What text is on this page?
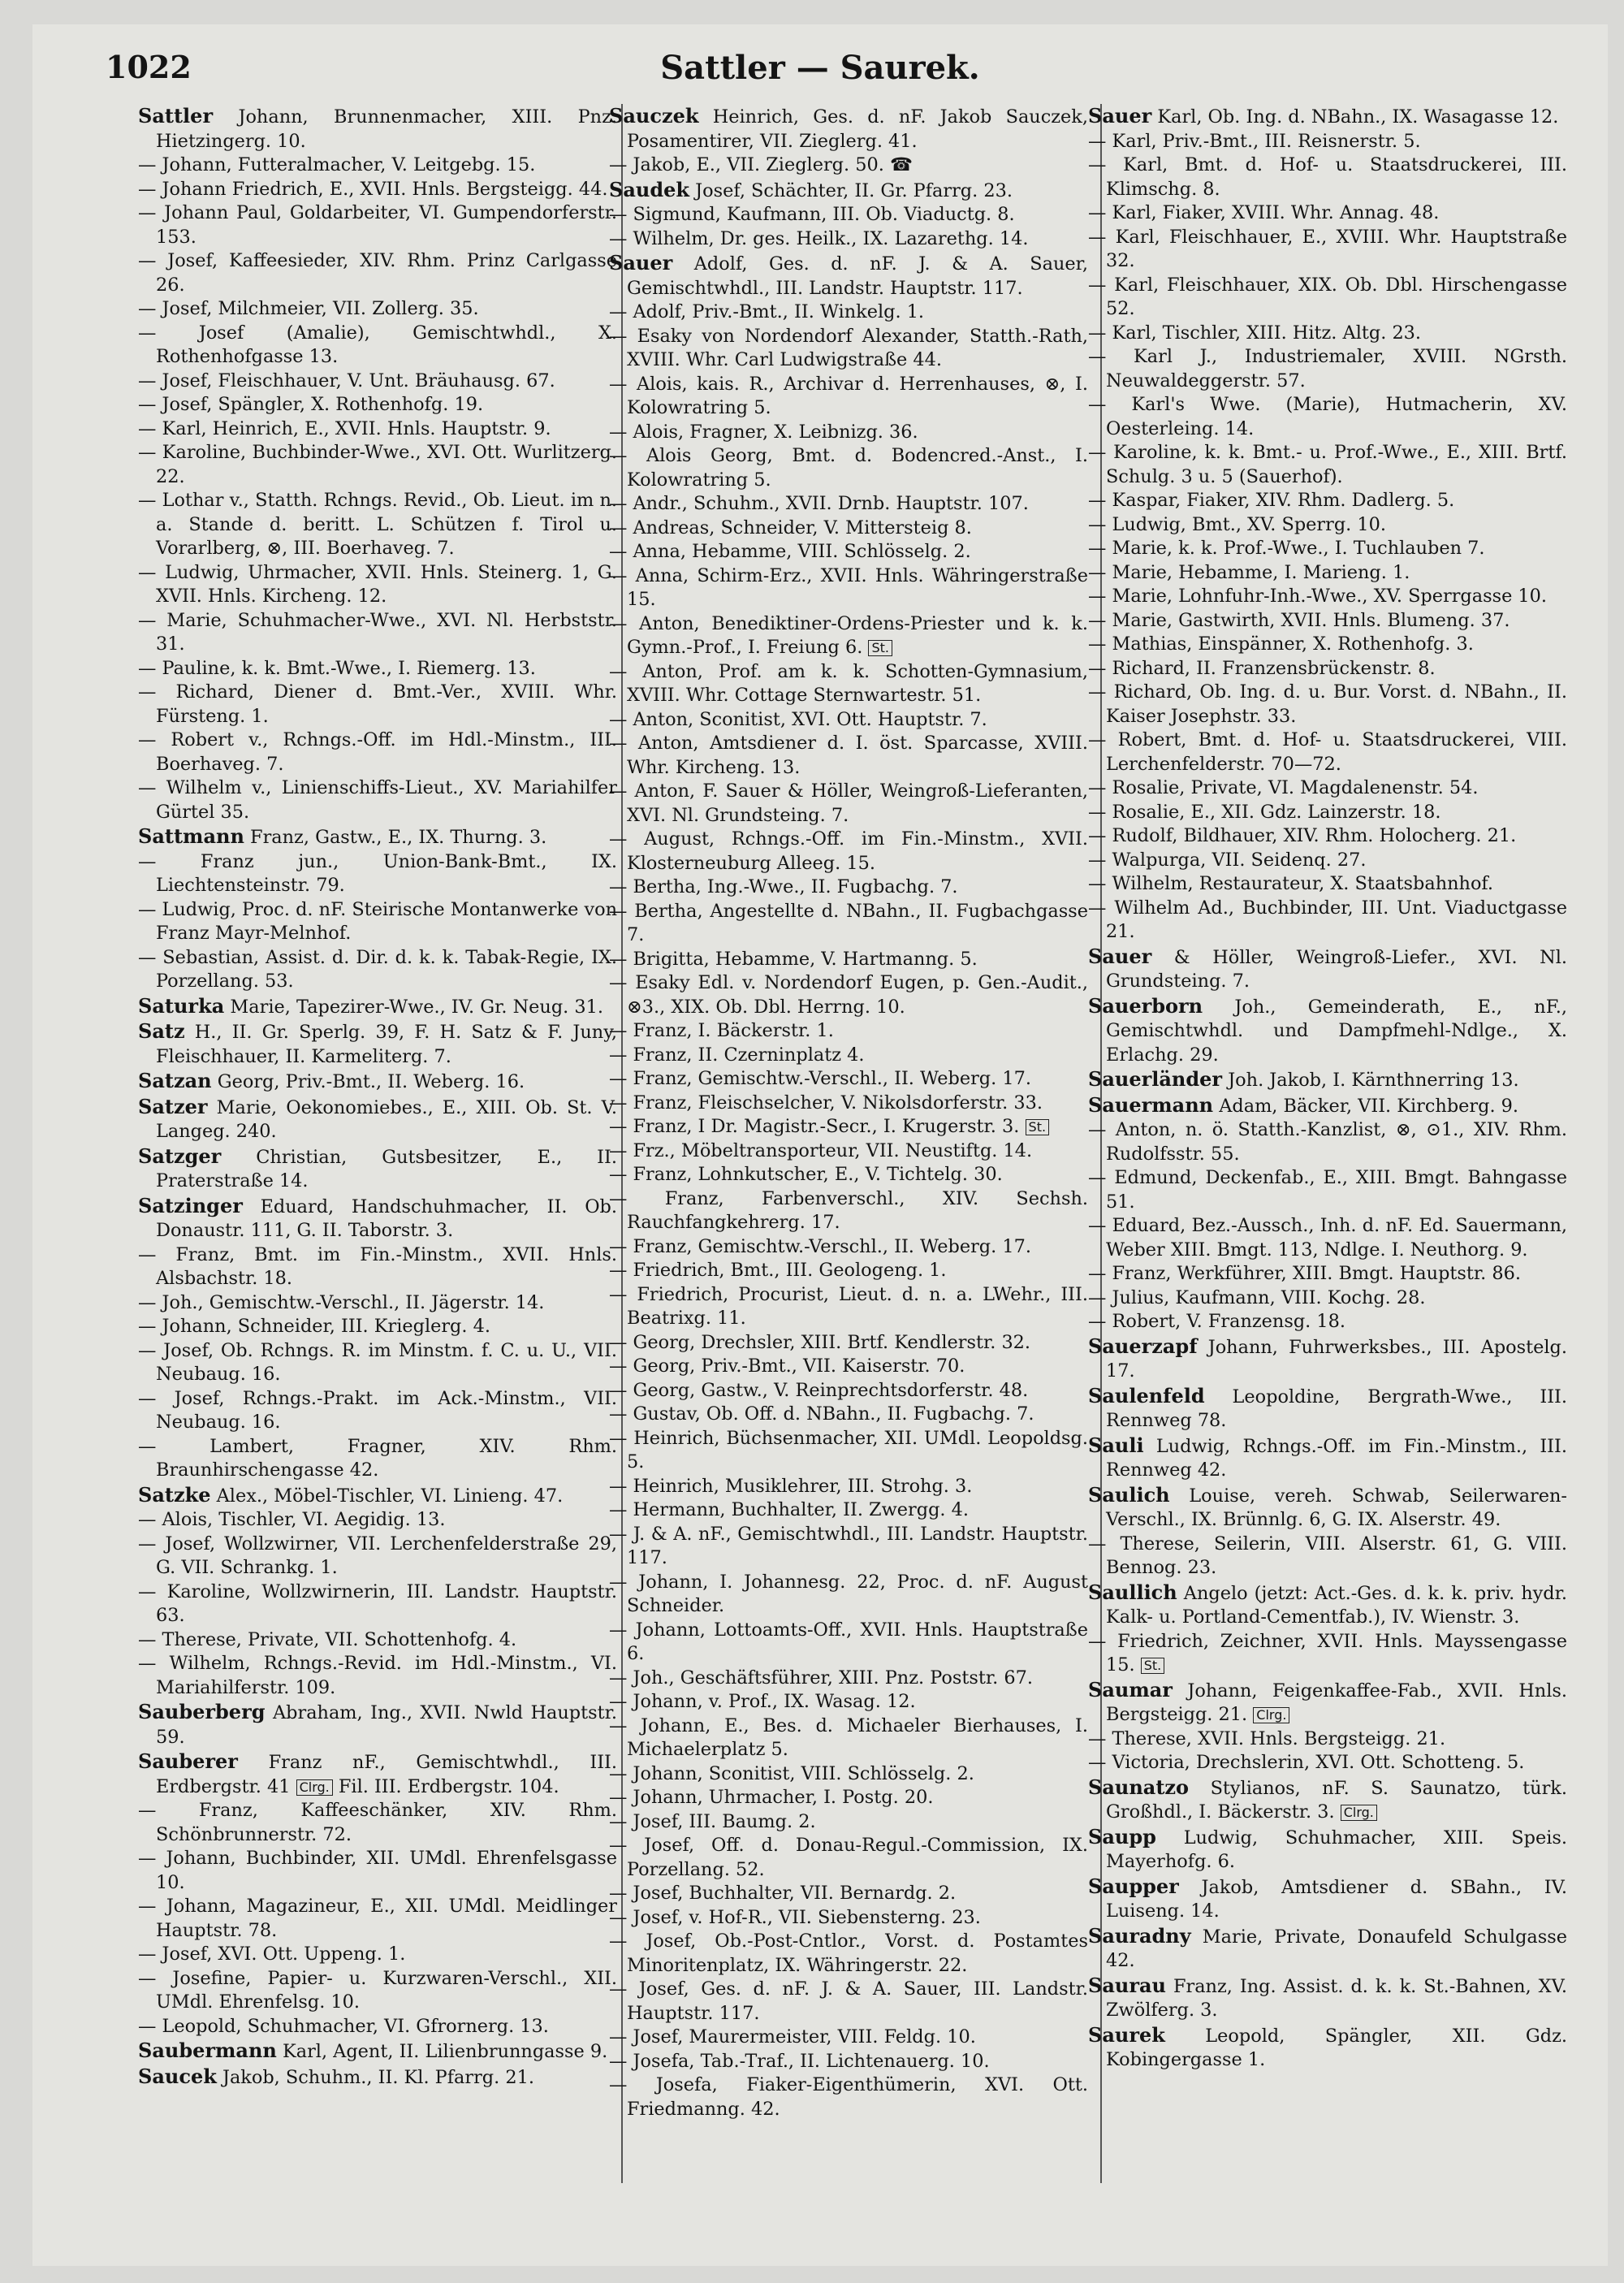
Sattler — Saurek.
1022
Sattler Johann, Brunnenmacher, XIII. Pnz. Hietzingerg. 10.
— Johann, Futteralmacher, V. Leitgebg. 15.
— Johann Friedrich, E., XVII. Hnls. Bergsteigg. 44.
— Johann Paul, Goldarbeiter, VI. Gumpendorferstr. 153.
— Josef, Kaffeesieder, XIV. Rhm. Prinz Carlgasse 26.
— Josef, Milchmeier, VII. Zollerg. 35.
— Josef (Amalie), Gemischtwhdl., X. Rothenhofgasse 13.
— Josef, Fleischhauer, V. Unt. Bräuhausg. 67.
— Josef, Spängler, X. Rothenhofg. 19.
— Karl, Heinrich, E., XVII. Hnls. Hauptstr. 9.
— Karoline, Buchbinder-Wwe., XVI. Ott. Wurlitzerg. 22.
— Lothar v., Statth. Rchngs. Revid., Ob. Lieut. im n. a. Stande d. beritt. L. Schützen f. Tirol u. Vorarlberg, ⊗, III. Boerhaveg. 7.
— Ludwig, Uhrmacher, XVII. Hnls. Steinerg. 1, G. XVII. Hnls. Kircheng. 12.
— Marie, Schuhmacher-Wwe., XVI. Nl. Herbststr. 31.
— Pauline, k. k. Bmt.-Wwe., I. Riemerg. 13.
— Richard, Diener d. Bmt.-Ver., XVIII. Whr. Fürsteng. 1.
— Robert v., Rchngs.-Off. im Hdl.-Minstm., III. Boerhaveg. 7.
— Wilhelm v., Linienschiffs-Lieut., XV. Mariahilfer Gürtel 35.
Sattmann Franz, Gastw., E., IX. Thurng. 3.
— Franz jun., Union-Bank-Bmt., IX. Liechtensteinstr. 79.
— Ludwig, Proc. d. nF. Steirische Montanwerke von Franz Mayr-Melnhof.
— Sebastian, Assist. d. Dir. d. k. k. Tabak-Regie, IX. Porzellang. 53.
Saturka Marie, Tapezirer-Wwe., IV. Gr. Neug. 31.
Satz H., II. Gr. Sperlg. 39, F. H. Satz & F. Juny, Fleischhauer, II. Karmeliterg. 7.
Satzan Georg, Priv.-Bmt., II. Weberg. 16.
Satzer Marie, Oekonomiebes., E., XIII. Ob. St. V. Langeg. 240.
Satzger Christian, Gutsbesitzer, E., II. Praterstraße 14.
Satzinger Eduard, Handschuhmacher, II. Ob. Donaustr. 111, G. II. Taborstr. 3.
— Franz, Bmt. im Fin.-Minstm., XVII. Hnls. Alsbachstr. 18.
— Joh., Gemischtw.-Verschl., II. Jägerstr. 14.
— Johann, Schneider, III. Krieglerg. 4.
— Josef, Ob. Rchngs. R. im Minstm. f. C. u. U., VII. Neubaug. 16.
— Josef, Rchngs.-Prakt. im Ack.-Minstm., VII. Neubaug. 16.
— Lambert, Fragner, XIV. Rhm. Braunhirschengasse 42.
Satzke Alex., Möbel-Tischler, VI. Linieng. 47.
— Alois, Tischler, VI. Aegidig. 13.
— Josef, Wollzwirner, VII. Lerchenfelderstraße 29, G. VII. Schrankg. 1.
— Karoline, Wollzwirnerin, III. Landstr. Hauptstr. 63.
— Therese, Private, VII. Schottenhofg. 4.
— Wilhelm, Rchngs.-Revid. im Hdl.-Minstm., VI. Mariahilferstr. 109.
Sauberberg Abraham, Ing., XVII. Nwld Hauptstr. 59.
Sauberer Franz nF., Gemischtwhdl., III. Erdbergstr. 41 Clrg. Fil. III. Erdbergstr. 104.
— Franz, Kaffeeschänker, XIV. Rhm. Schönbrunnerstr. 72.
— Johann, Buchbinder, XII. UMdl. Ehrenfelsgasse 10.
— Johann, Magazineur, E., XII. UMdl. Meidlinger Hauptstr. 78.
— Josef, XVI. Ott. Uppeng. 1.
— Josefine, Papier- u. Kurzwaren-Verschl., XII. UMdl. Ehrenfelsg. 10.
— Leopold, Schuhmacher, VI. Gfrornerg. 13.
Saubermann Karl, Agent, II. Lilienbrunngasse 9.
Saucek Jakob, Schuhm., II. Kl. Pfarrg. 21.
Sauczek Heinrich, Ges. d. nF. Jakob Sauczek, Posamentirer, VII. Zieglerg. 41.
— Jakob, E., VII. Zieglerg. 50. ☎
Saudek Josef, Schächter, II. Gr. Pfarrg. 23.
— Sigmund, Kaufmann, III. Ob. Viaductg. 8.
— Wilhelm, Dr. ges. Heilk., IX. Lazarethg. 14.
Sauer Adolf, Ges. d. nF. J. & A. Sauer, Gemischtwhdl., III. Landstr. Hauptstr. 117.
— Adolf, Priv.-Bmt., II. Winkelg. 1.
— Esaky von Nordendorf Alexander, Statth.-Rath, XVIII. Whr. Carl Ludwigstraße 44.
— Alois, kais. R., Archivar d. Herrenhauses, ⊗, I. Kolowratring 5.
— Alois, Fragner, X. Leibnizg. 36.
— Alois Georg, Bmt. d. Bodencred.-Anst., I. Kolowratring 5.
— Andr., Schuhm., XVII. Drnb. Hauptstr. 107.
— Andreas, Schneider, V. Mittersteig 8.
— Anna, Hebamme, VIII. Schlösselg. 2.
— Anna, Schirm-Erz., XVII. Hnls. Währingerstraße 15.
— Anton, Benediktiner-Ordens-Priester und k. k. Gymn.-Prof., I. Freiung 6. St.
— Anton, Prof. am k. k. Schotten-Gymnasium, XVIII. Whr. Cottage Sternwartestr. 51.
— Anton, Sconitist, XVI. Ott. Hauptstr. 7.
— Anton, Amtsdiener d. I. öst. Sparcasse, XVIII. Whr. Kircheng. 13.
— Anton, F. Sauer & Höller, Weingroß-Lieferanten, XVI. Nl. Grundsteing. 7.
— August, Rchngs.-Off. im Fin.-Minstm., XVII. Klosterneuburg Alleeg. 15.
— Bertha, Ing.-Wwe., II. Fugbachg. 7.
— Bertha, Angestellte d. NBahn., II. Fugbachgasse 7.
— Brigitta, Hebamme, V. Hartmanng. 5.
— Esaky Edl. v. Nordendorf Eugen, p. Gen.-Audit., ⊗3., XIX. Ob. Dbl. Herrng. 10.
— Franz, I. Bäckerstr. 1.
— Franz, II. Czerninplatz 4.
— Franz, Gemischtw.-Verschl., II. Weberg. 17.
— Franz, Fleischselcher, V. Nikolsdorferstr. 33.
— Franz, I Dr. Magistr.-Secr., I. Krugerstr. 3. St.
— Frz., Möbeltransporteur, VII. Neustiftg. 14.
— Franz, Lohnkutscher, E., V. Tichtelg. 30.
— Franz, Farbenverschl., XIV. Sechsh. Rauchfangkehrerg. 17.
— Franz, Gemischtw.-Verschl., II. Weberg. 17.
— Friedrich, Bmt., III. Geologeng. 1.
— Friedrich, Procurist, Lieut. d. n. a. LWehr., III. Beatrixg. 11.
— Georg, Drechsler, XIII. Brtf. Kendlerstr. 32.
— Georg, Priv.-Bmt., VII. Kaiserstr. 70.
— Georg, Gastw., V. Reinprechtsdorferstr. 48.
— Gustav, Ob. Off. d. NBahn., II. Fugbachg. 7.
— Heinrich, Büchsenmacher, XII. UMdl. Leopoldsg. 5.
— Heinrich, Musiklehrer, III. Strohg. 3.
— Hermann, Buchhalter, II. Zwergg. 4.
— J. & A. nF., Gemischtwhdl., III. Landstr. Hauptstr. 117.
— Johann, I. Johannesg. 22, Proc. d. nF. August Schneider.
— Johann, Lottoamts-Off., XVII. Hnls. Hauptstraße 6.
— Joh., Geschäftsführer, XIII. Pnz. Poststr. 67.
— Johann, v. Prof., IX. Wasag. 12.
— Johann, E., Bes. d. Michaeler Bierhauses, I. Michaelerplatz 5.
— Johann, Sconitist, VIII. Schlösselg. 2.
— Johann, Uhrmacher, I. Postg. 20.
— Josef, III. Baumg. 2.
— Josef, Off. d. Donau-Regul.-Commission, IX. Porzellang. 52.
— Josef, Buchhalter, VII. Bernardg. 2.
— Josef, v. Hof-R., VII. Siebensterng. 23.
— Josef, Ob.-Post-Cntlor., Vorst. d. Postamtes Minoritenplatz, IX. Währingerstr. 22.
— Josef, Ges. d. nF. J. & A. Sauer, III. Landstr. Hauptstr. 117.
— Josef, Maurermeister, VIII. Feldg. 10.
— Josefa, Tab.-Traf., II. Lichtenauerg. 10.
— Josefa, Fiaker-Eigenthümerin, XVI. Ott. Friedmanng. 42.
Sauer Karl, Ob. Ing. d. NBahn., IX. Wasagasse 12.
— Karl, Priv.-Bmt., III. Reisnerstr. 5.
— Karl, Bmt. d. Hof- u. Staatsdruckerei, III. Klimschg. 8.
— Karl, Fiaker, XVIII. Whr. Annag. 48.
— Karl, Fleischhauer, E., XVIII. Whr. Hauptstraße 32.
— Karl, Fleischhauer, XIX. Ob. Dbl. Hirschengasse 52.
— Karl, Tischler, XIII. Hitz. Altg. 23.
— Karl J., Industriemaler, XVIII. NGrsth. Neuwaldeggerstr. 57.
— Karl's Wwe. (Marie), Hutmacherin, XV. Oesterleing. 14.
— Karoline, k. k. Bmt.- u. Prof.-Wwe., E., XIII. Brtf. Schulg. 3 u. 5 (Sauerhof).
— Kaspar, Fiaker, XIV. Rhm. Dadlerg. 5.
— Ludwig, Bmt., XV. Sperrg. 10.
— Marie, k. k. Prof.-Wwe., I. Tuchlauben 7.
— Marie, Hebamme, I. Marieng. 1.
— Marie, Lohnfuhr-Inh.-Wwe., XV. Sperrgasse 10.
— Marie, Gastwirth, XVII. Hnls. Blumeng. 37.
— Mathias, Einspänner, X. Rothenhofg. 3.
— Richard, II. Franzensbrückenstr. 8.
— Richard, Ob. Ing. d. u. Bur. Vorst. d. NBahn., II. Kaiser Josephstr. 33.
— Robert, Bmt. d. Hof- u. Staatsdruckerei, VIII. Lerchenfelderstr. 70—72.
— Rosalie, Private, VI. Magdalenenstr. 54.
— Rosalie, E., XII. Gdz. Lainzerstr. 18.
— Rudolf, Bildhauer, XIV. Rhm. Holocherg. 21.
— Walpurga, VII. Seidenq. 27.
— Wilhelm, Restaurateur, X. Staatsbahnhof.
— Wilhelm Ad., Buchbinder, III. Unt. Viaductgasse 21.
Sauer & Höller, Weingroß-Liefer., XVI. Nl. Grundsteing. 7.
Sauerborn Joh., Gemeinderath, E., nF., Gemischtwhdl. und Dampfmehl-Ndlge., X. Erlachg. 29.
Sauerländer Joh. Jakob, I. Kärnthnerring 13.
Sauermann Adam, Bäcker, VII. Kirchberg. 9.
— Anton, n. ö. Statth.-Kanzlist, ⊗, ⊙1., XIV. Rhm. Rudolfsstr. 55.
— Edmund, Deckenfab., E., XIII. Bmgt. Bahngasse 51.
— Eduard, Bez.-Aussch., Inh. d. nF. Ed. Sauermann, Weber XIII. Bmgt. 113, Ndlge. I. Neuthorg. 9.
— Franz, Werkführer, XIII. Bmgt. Hauptstr. 86.
— Julius, Kaufmann, VIII. Kochg. 28.
— Robert, V. Franzensg. 18.
Sauerzapf Johann, Fuhrwerksbes., III. Apostelg. 17.
Saulenfeld Leopoldine, Bergrath-Wwe., III. Rennweg 78.
Sauli Ludwig, Rchngs.-Off. im Fin.-Minstm., III. Rennweg 42.
Saulich Louise, vereh. Schwab, Seilerwaren-Verschl., IX. Brünnlg. 6, G. IX. Alserstr. 49.
— Therese, Seilerin, VIII. Alserstr. 61, G. VIII. Bennog. 23.
Saullich Angelo (jetzt: Act.-Ges. d. k. k. priv. hydr. Kalk- u. Portland-Cementfab.), IV. Wienstr. 3.
— Friedrich, Zeichner, XVII. Hnls. Mayssengasse 15. St.
Saumar Johann, Feigenkaffee-Fab., XVII. Hnls. Bergsteigg. 21. Clrg.
— Therese, XVII. Hnls. Bergsteigg. 21.
— Victoria, Drechslerin, XVI. Ott. Schotteng. 5.
Saunatzo Stylianos, nF. S. Saunatzo, türk. Großhdl., I. Bäckerstr. 3. Clrg.
Saupp Ludwig, Schuhmacher, XIII. Speis. Mayerhofg. 6.
Saupper Jakob, Amtsdiener d. SBahn., IV. Luiseng. 14.
Sauradny Marie, Private, Donaufeld Schulgasse 42.
Saurau Franz, Ing. Assist. d. k. k. St.-Bahnen, XV. Zwölferg. 3.
Saurek Leopold, Spängler, XII. Gdz. Kobingergasse 1.
